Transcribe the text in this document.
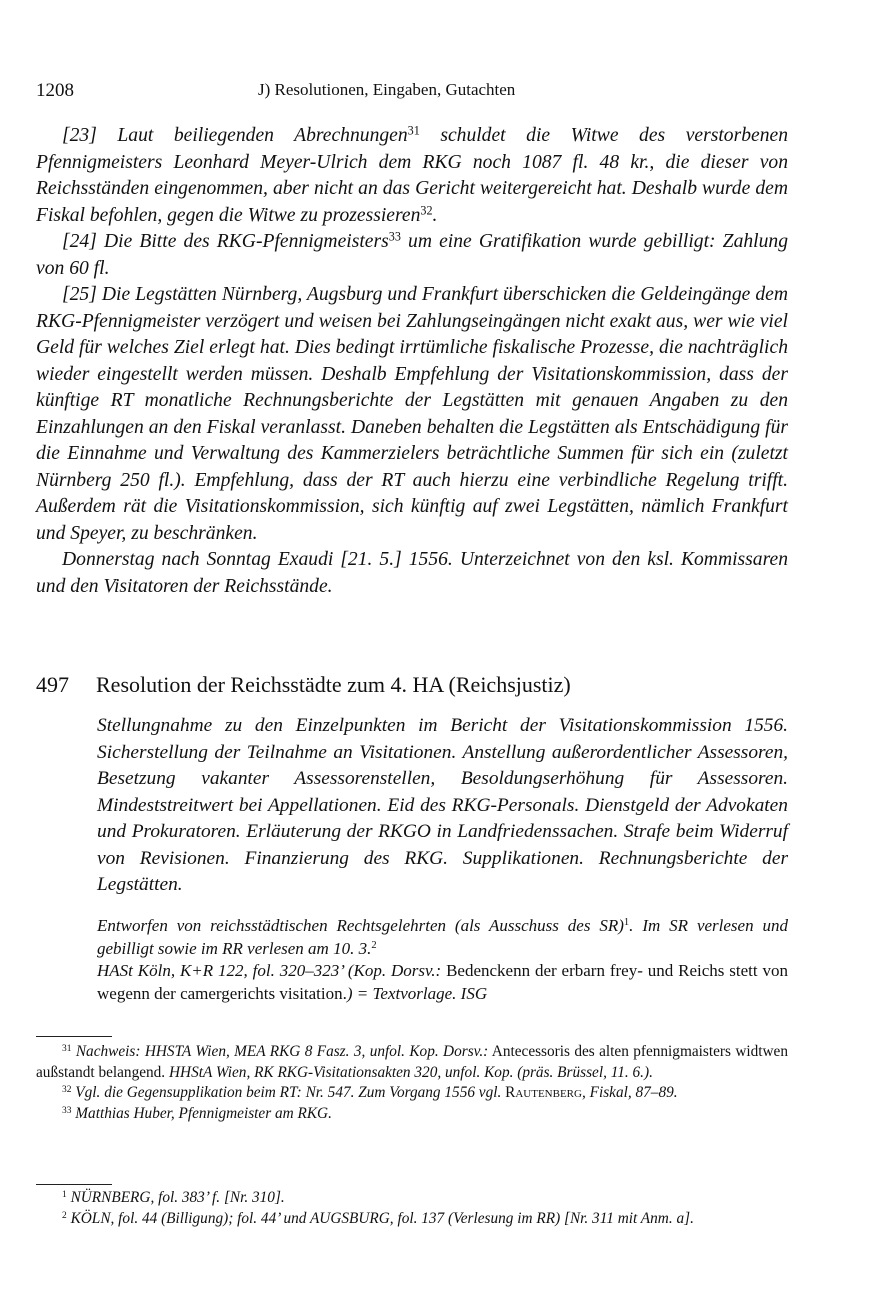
1208	J) Resolutionen, Eingaben, Gutachten

[23] Laut beiliegenden Abrechnungen$^{31}$ schuldet die Witwe des verstorbenen Pfennigmeisters Leonhard Meyer-Ulrich dem RKG noch 1087 fl. 48 kr., die dieser von Reichsständen eingenommen, aber nicht an das Gericht weitergereicht hat. Deshalb wurde dem Fiskal befohlen, gegen die Witwe zu prozessieren$^{32}$.

[24] Die Bitte des RKG-Pfennigmeisters$^{33}$ um eine Gratifikation wurde gebilligt: Zahlung von 60 fl.

[25] Die Legstätten Nürnberg, Augsburg und Frankfurt überschicken die Geldeingänge dem RKG-Pfennigmeister verzögert und weisen bei Zahlungseingängen nicht exakt aus, wer wie viel Geld für welches Ziel erlegt hat. Dies bedingt irrtümliche fiskalische Prozesse, die nachträglich wieder eingestellt werden müssen. Deshalb Empfehlung der Visitationskommission, dass der künftige RT monatliche Rechnungsberichte der Legstätten mit genauen Angaben zu den Einzahlungen an den Fiskal veranlasst. Daneben behalten die Legstätten als Entschädigung für die Einnahme und Verwaltung des Kammerzielers beträchtliche Summen für sich ein (zuletzt Nürnberg 250 fl.). Empfehlung, dass der RT auch hierzu eine verbindliche Regelung trifft. Außerdem rät die Visitationskommission, sich künftig auf zwei Legstätten, nämlich Frankfurt und Speyer, zu beschränken.

Donnerstag nach Sonntag Exaudi [21. 5.] 1556. Unterzeichnet von den ksl. Kommissaren und den Visitatoren der Reichsstände.

497 Resolution der Reichsstädte zum 4. HA (Reichsjustiz)

Stellungnahme zu den Einzelpunkten im Bericht der Visitationskommission 1556. Sicherstellung der Teilnahme an Visitationen. Anstellung außerordentlicher Assessoren, Besetzung vakanter Assessorenstellen, Besoldungserhöhung für Assessoren. Mindeststreitwert bei Appellationen. Eid des RKG-Personals. Dienstgeld der Advokaten und Prokuratoren. Erläuterung der RKGO in Landfriedenssachen. Strafe beim Widerruf von Revisionen. Finanzierung des RKG. Supplikationen. Rechnungsberichte der Legstätten.

Entworfen von reichsstädtischen Rechtsgelehrten (als Ausschuss des SR)$^1$. Im SR verlesen und gebilligt sowie im RR verlesen am 10. 3.$^2$
HASt Köln, K+R 122, fol. 320–323’ (Kop. Dorsv.: Bedenckenn der erbarn frey- und Reichs stett von wegenn der camergerichts visitation.) = Textvorlage. ISG

$^{31}$ Nachweis: HHSTA Wien, MEA RKG 8 Fasz. 3, unfol. Kop. Dorsv.: Antecessoris des alten pfennigmaisters widtwen außstandt belangend. HHStA Wien, RK RKG-Visitationsakten 320, unfol. Kop. (präs. Brüssel, 11. 6.).

$^{32}$ Vgl. die Gegensupplikation beim RT: Nr. 547. Zum Vorgang 1556 vgl. Rautenberg, Fiskal, 87–89.

$^{33}$ Matthias Huber, Pfennigmeister am RKG.

$^1$ NÜRNBERG, fol. 383’ f. [Nr. 310].

$^2$ KÖLN, fol. 44 (Billigung); fol. 44’ und AUGSBURG, fol. 137 (Verlesung im RR) [Nr. 311 mit Anm. a].
